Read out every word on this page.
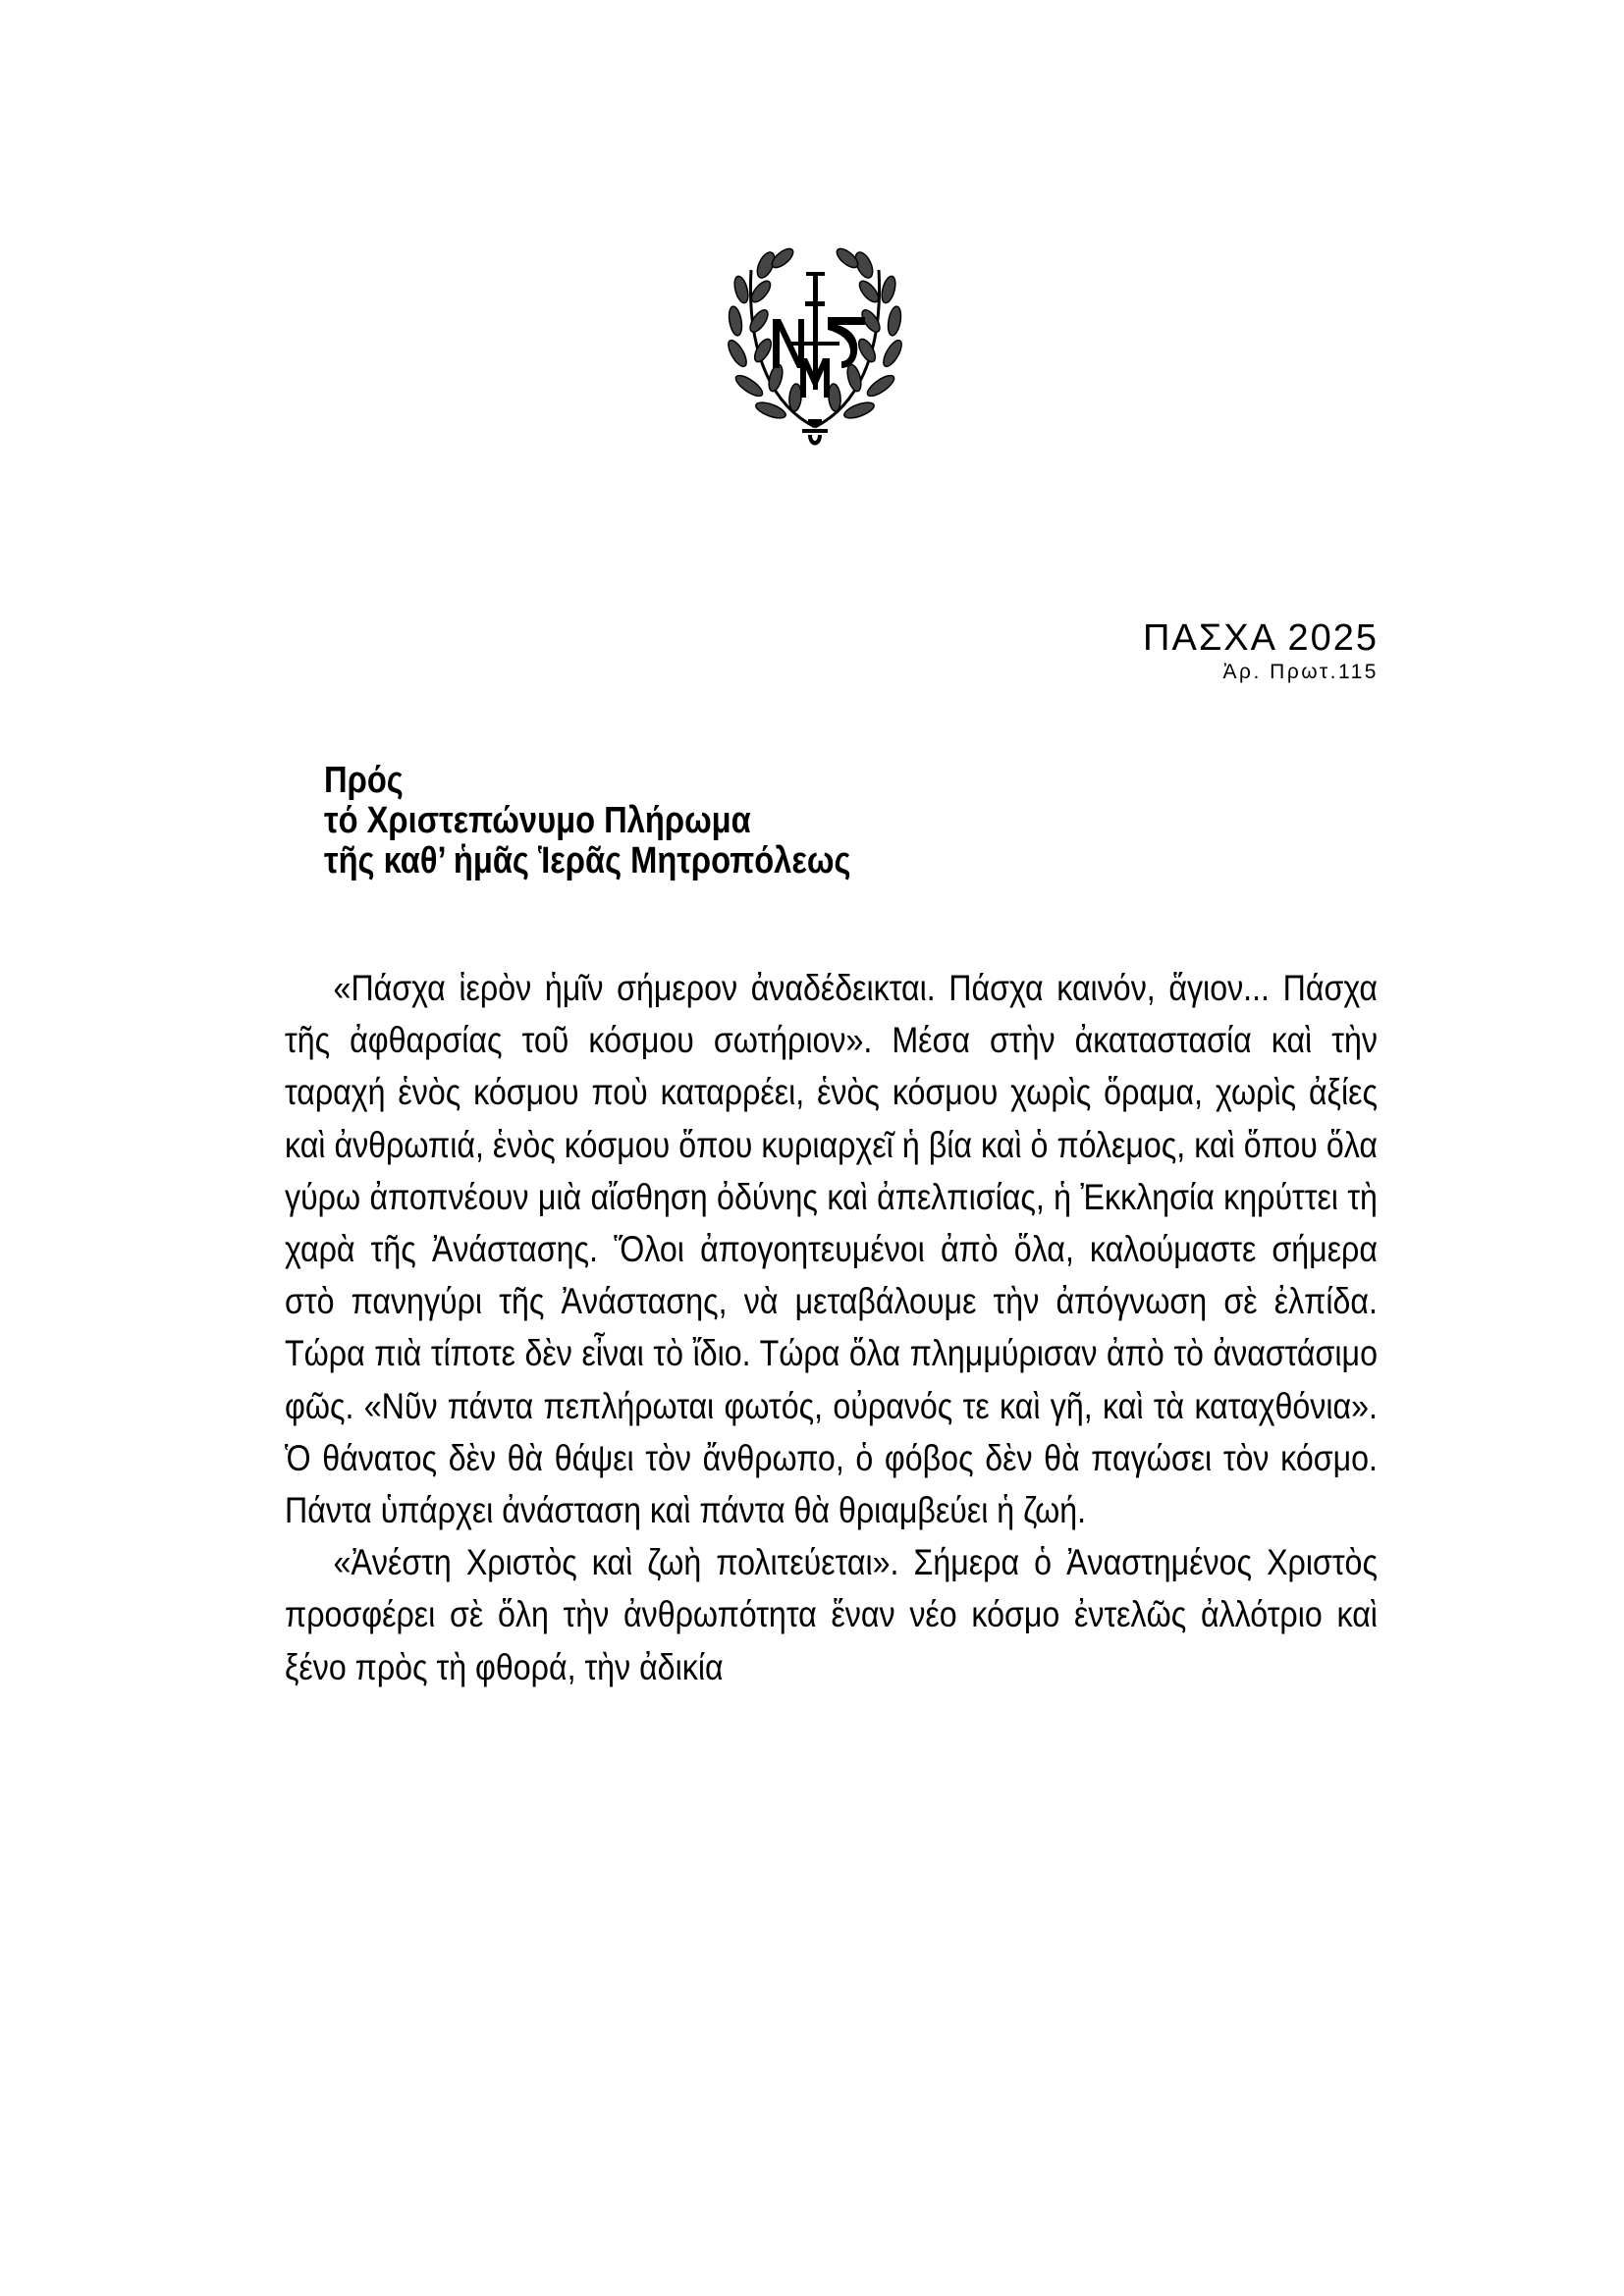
ΠΑΣΧΑ 2025
Ἀρ. Πρωτ.115
Πρός
τό Χριστεπώνυμο Πλήρωμα
τῆς καθ’ ἡμᾶς Ἱερᾶς Μητροπόλεως

«Πάσχα ἱερὸν ἡμῖν σήμερον ἀναδέδεικται. Πάσχα καινόν, ἅγιον... Πάσχα τῆς ἀφθαρσίας τοῦ κόσμου σωτήριον». Μέσα στὴν ἀκαταστασία καὶ τὴν ταραχή ἑνὸς κόσμου ποὺ καταρρέει, ἑνὸς κόσμου χωρὶς ὅραμα, χωρὶς ἀξίες καὶ ἀνθρωπιά, ἑνὸς κόσμου ὅπου κυριαρχεῖ ἡ βία καὶ ὁ πόλεμος, καὶ ὅπου ὅλα γύρω ἀποπνέουν μιὰ αἴσθηση ὀδύνης καὶ ἀπελπισίας, ἡ Ἐκκλησία κηρύττει τὴ χαρὰ τῆς Ἀνάστασης. Ὅλοι ἀπογοητευμένοι ἀπὸ ὅλα, καλούμαστε σήμερα στὸ πανηγύρι τῆς Ἀνάστασης, νὰ μεταβάλουμε τὴν ἀπόγνωση σὲ ἐλπίδα. Τώρα πιὰ τίποτε δὲν εἶναι τὸ ἴδιο. Τώρα ὅλα πλημμύρισαν ἀπὸ τὸ ἀναστάσιμο φῶς. «Νῦν πάντα πεπλήρωται φωτός, οὐρανός τε καὶ γῆ, καὶ τὰ καταχθόνια». Ὁ θάνατος δὲν θὰ θάψει τὸν ἄνθρωπο, ὁ φόβος δὲν θὰ παγώσει τὸν κόσμο. Πάντα ὑπάρχει ἀνάσταση καὶ πάντα θὰ θριαμβεύει ἡ ζωή.

«Ἀνέστη Χριστὸς καὶ ζωὴ πολιτεύεται». Σήμερα ὁ Ἀναστημένος Χριστὸς προσφέρει σὲ ὅλη τὴν ἀνθρωπότητα ἕναν νέο κόσμο ἐντελῶς ἀλλότριο καὶ ξένο πρὸς τὴ φθορά, τὴν ἀδικία
